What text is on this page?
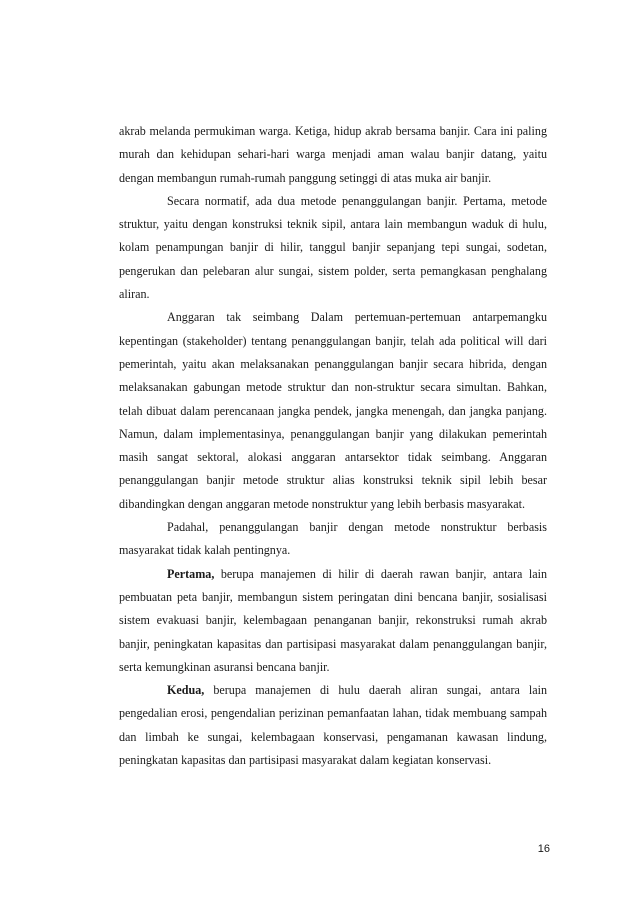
akrab melanda permukiman warga. Ketiga, hidup akrab bersama banjir. Cara ini paling murah dan kehidupan sehari-hari warga menjadi aman walau banjir datang, yaitu dengan membangun rumah-rumah panggung setinggi di atas muka air banjir.

Secara normatif, ada dua metode penanggulangan banjir. Pertama, metode struktur, yaitu dengan konstruksi teknik sipil, antara lain membangun waduk di hulu, kolam penampungan banjir di hilir, tanggul banjir sepanjang tepi sungai, sodetan, pengerukan dan pelebaran alur sungai, sistem polder, serta pemangkasan penghalang aliran.

Anggaran tak seimbang Dalam pertemuan-pertemuan antarpemangku kepentingan (stakeholder) tentang penanggulangan banjir, telah ada political will dari pemerintah, yaitu akan melaksanakan penanggulangan banjir secara hibrida, dengan melaksanakan gabungan metode struktur dan non-struktur secara simultan. Bahkan, telah dibuat dalam perencanaan jangka pendek, jangka menengah, dan jangka panjang. Namun, dalam implementasinya, penanggulangan banjir yang dilakukan pemerintah masih sangat sektoral, alokasi anggaran antarsektor tidak seimbang. Anggaran penanggulangan banjir metode struktur alias konstruksi teknik sipil lebih besar dibandingkan dengan anggaran metode nonstruktur yang lebih berbasis masyarakat.

Padahal, penanggulangan banjir dengan metode nonstruktur berbasis masyarakat tidak kalah pentingnya.

Pertama, berupa manajemen di hilir di daerah rawan banjir, antara lain pembuatan peta banjir, membangun sistem peringatan dini bencana banjir, sosialisasi sistem evakuasi banjir, kelembagaan penanganan banjir, rekonstruksi rumah akrab banjir, peningkatan kapasitas dan partisipasi masyarakat dalam penanggulangan banjir, serta kemungkinan asuransi bencana banjir.

Kedua, berupa manajemen di hulu daerah aliran sungai, antara lain pengedalian erosi, pengendalian perizinan pemanfaatan lahan, tidak membuang sampah dan limbah ke sungai, kelembagaan konservasi, pengamanan kawasan lindung, peningkatan kapasitas dan partisipasi masyarakat dalam kegiatan konservasi.

16
